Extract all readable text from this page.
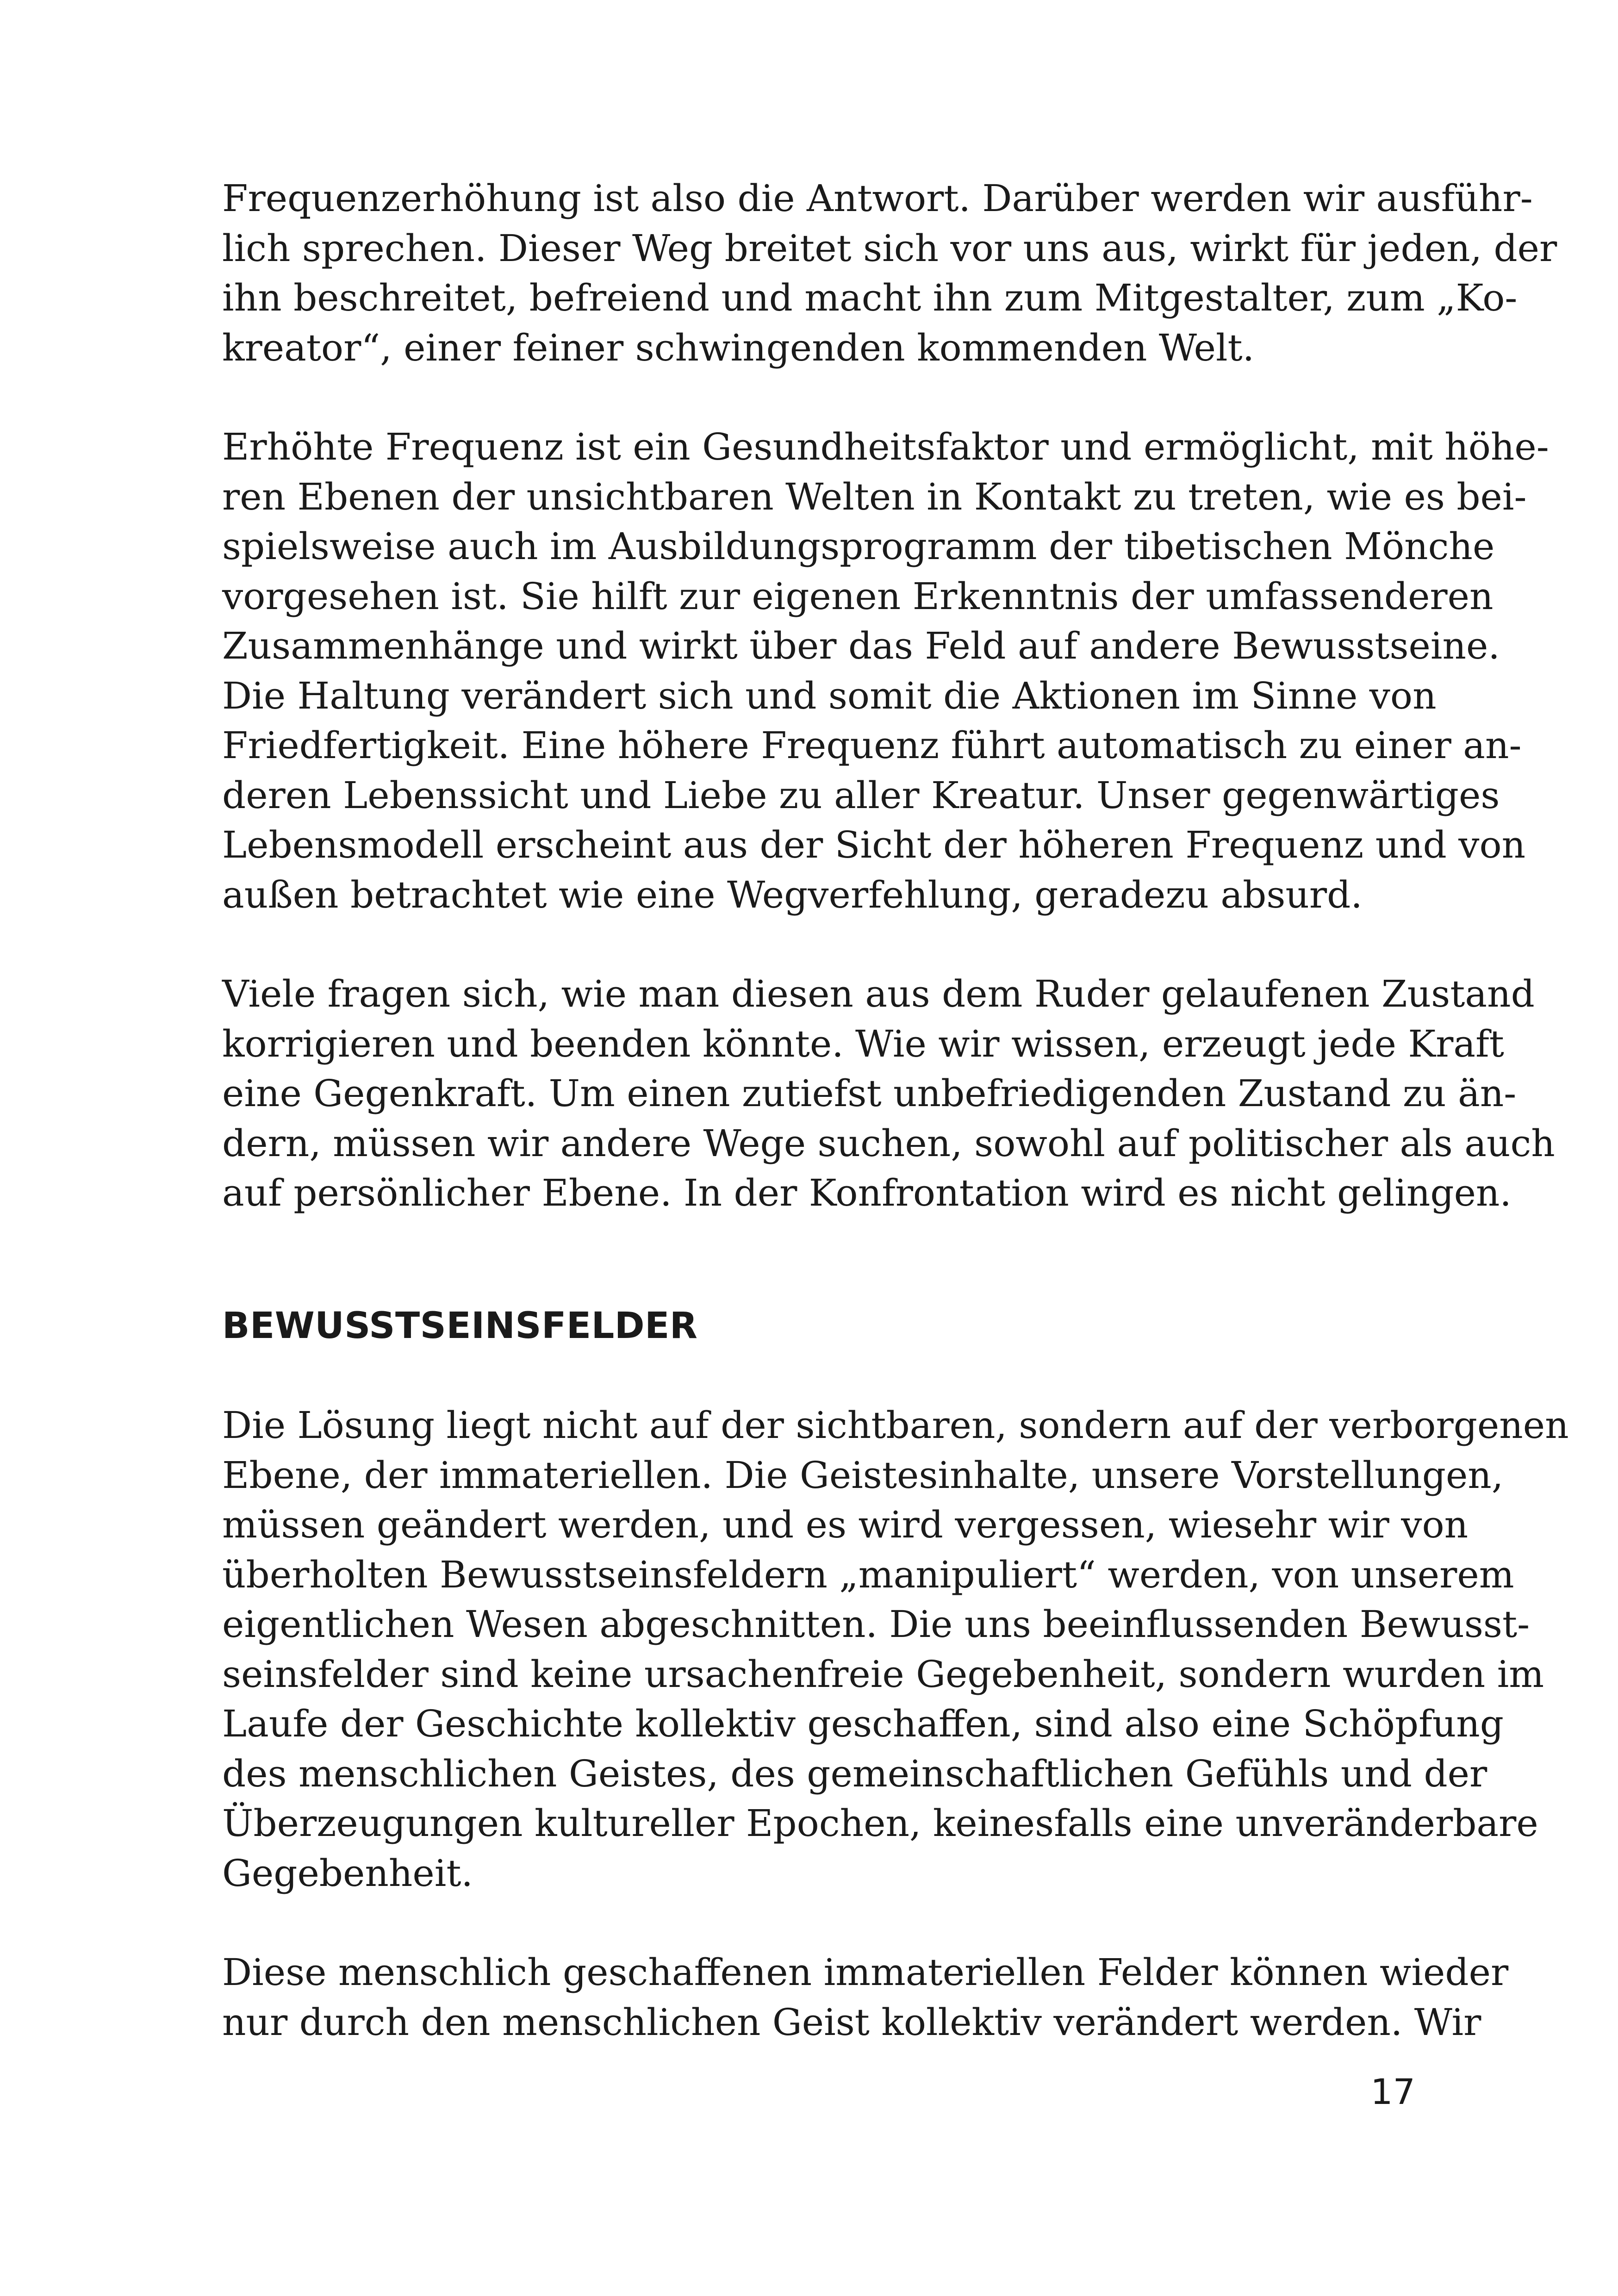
Frequenzerhöhung ist also die Antwort. Darüber werden wir ausführ-
lich sprechen. Dieser Weg breitet sich vor uns aus, wirkt für jeden, der
ihn beschreitet, befreiend und macht ihn zum Mitgestalter, zum „Ko-
kreator“, einer feiner schwingenden kommenden Welt.

Erhöhte Frequenz ist ein Gesundheitsfaktor und ermöglicht, mit höhe-
ren Ebenen der unsichtbaren Welten in Kontakt zu treten, wie es bei-
spielsweise auch im Ausbildungsprogramm der tibetischen Mönche
vorgesehen ist. Sie hilft zur eigenen Erkenntnis der umfassenderen
Zusammenhänge und wirkt über das Feld auf andere Bewusstseine.
Die Haltung verändert sich und somit die Aktionen im Sinne von
Friedfertigkeit. Eine höhere Frequenz führt automatisch zu einer an-
deren Lebenssicht und Liebe zu aller Kreatur. Unser gegenwärtiges
Lebensmodell erscheint aus der Sicht der höheren Frequenz und von
außen betrachtet wie eine Wegverfehlung, geradezu absurd.

Viele fragen sich, wie man diesen aus dem Ruder gelaufenen Zustand
korrigieren und beenden könnte. Wie wir wissen, erzeugt jede Kraft
eine Gegenkraft. Um einen zutiefst unbefriedigenden Zustand zu än-
dern, müssen wir andere Wege suchen, sowohl auf politischer als auch
auf persönlicher Ebene. In der Konfrontation wird es nicht gelingen.

BEWUSSTSEINSFELDER

Die Lösung liegt nicht auf der sichtbaren, sondern auf der verborgenen
Ebene, der immateriellen. Die Geistesinhalte, unsere Vorstellungen,
müssen geändert werden, und es wird vergessen, wiesehr wir von
überholten Bewusstseinsfeldern „manipuliert“ werden, von unserem
eigentlichen Wesen abgeschnitten. Die uns beeinflussenden Bewusst-
seinsfelder sind keine ursachenfreie Gegebenheit, sondern wurden im
Laufe der Geschichte kollektiv geschaffen, sind also eine Schöpfung
des menschlichen Geistes, des gemeinschaftlichen Gefühls und der
Überzeugungen kultureller Epochen, keinesfalls eine unveränderbare
Gegebenheit.

Diese menschlich geschaffenen immateriellen Felder können wieder
nur durch den menschlichen Geist kollektiv verändert werden. Wir

17
